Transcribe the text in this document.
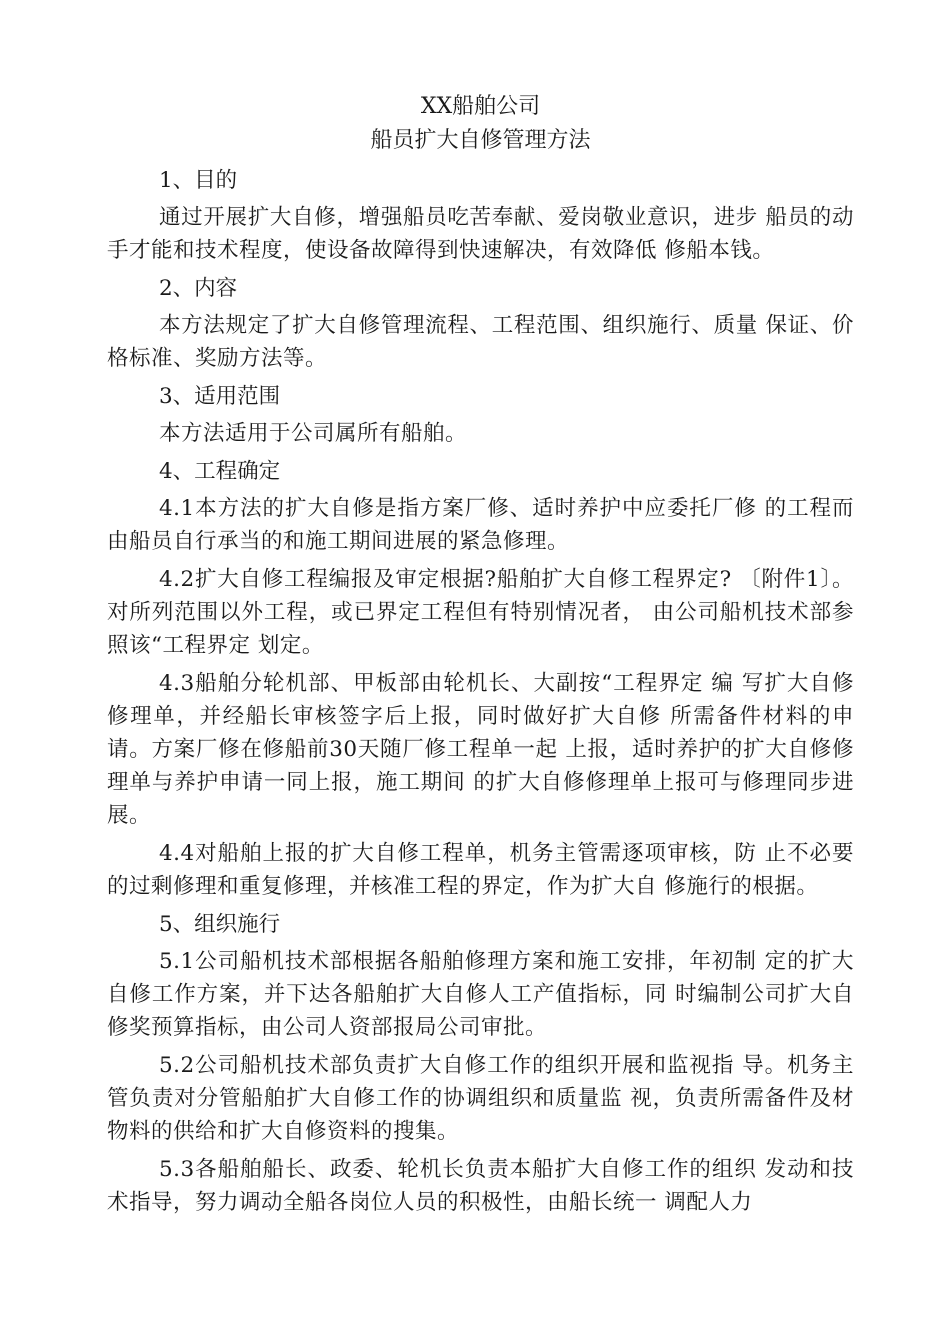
XX船舶公司

船员扩大自修管理方法

1、目的

通过开展扩大自修，增强船员吃苦奉献、爱岗敬业意识，进步 船员的动手才能和技术程度，使设备故障得到快速解决，有效降低 修船本钱。

2、内容

本方法规定了扩大自修管理流程、工程范围、组织施行、质量 保证、价格标准、奖励方法等。

3、适用范围

本方法适用于公司属所有船舶。

4、工程确定

4.1本方法的扩大自修是指方案厂修、适时养护中应委托厂修 的工程而由船员自行承当的和施工期间进展的紧急修理。

4.2扩大自修工程编报及审定根据?船舶扩大自修工程界定? 〔附件1〕。对所列范围以外工程，或已界定工程但有特别情况者， 由公司船机技术部参照该“工程界定 划定。

4.3船舶分轮机部、甲板部由轮机长、大副按“工程界定 编 写扩大自修修理单，并经船长审核签字后上报，同时做好扩大自修 所需备件材料的申请。方案厂修在修船前30天随厂修工程单一起 上报，适时养护的扩大自修修理单与养护申请一同上报，施工期间 的扩大自修修理单上报可与修理同步进展。

4.4对船舶上报的扩大自修工程单，机务主管需逐项审核，防 止不必要的过剩修理和重复修理，并核准工程的界定，作为扩大自 修施行的根据。

5、组织施行

5.1公司船机技术部根据各船舶修理方案和施工安排，年初制 定的扩大自修工作方案，并下达各船舶扩大自修人工产值指标，同 时编制公司扩大自修奖预算指标，由公司人资部报局公司审批。

5.2公司船机技术部负责扩大自修工作的组织开展和监视指 导。机务主管负责对分管船舶扩大自修工作的协调组织和质量监 视，负责所需备件及材物料的供给和扩大自修资料的搜集。

5.3各船舶船长、政委、轮机长负责本船扩大自修工作的组织 发动和技术指导，努力调动全船各岗位人员的积极性，由船长统一 调配人力
